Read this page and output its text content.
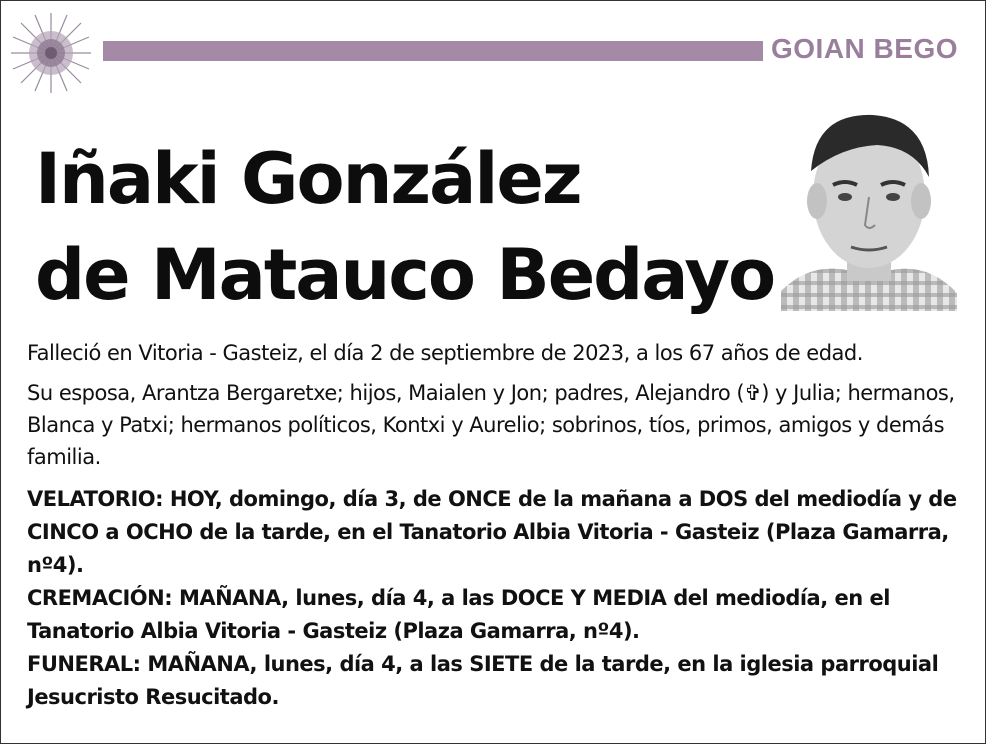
GOIAN BEGO
Iñaki González
de Matauco Bedayo

Falleció en Vitoria - Gasteiz, el día 2 de septiembre de 2023, a los 67 años de edad.

Su esposa, Arantza Bergaretxe; hijos, Maialen y Jon; padres, Alejandro (✞) y Julia; hermanos, Blanca y Patxi; hermanos políticos, Kontxi y Aurelio; sobrinos, tíos, primos, amigos y demás familia.

VELATORIO: HOY, domingo, día 3, de ONCE de la mañana a DOS del mediodía y de CINCO a OCHO de la tarde, en el Tanatorio Albia Vitoria - Gasteiz (Plaza Gamarra, nº4).

CREMACIÓN: MAÑANA, lunes, día 4, a las DOCE Y MEDIA del mediodía, en el Tanatorio Albia Vitoria - Gasteiz (Plaza Gamarra, nº4).

FUNERAL: MAÑANA, lunes, día 4, a las SIETE de la tarde, en la iglesia parroquial Jesucristo Resucitado.
